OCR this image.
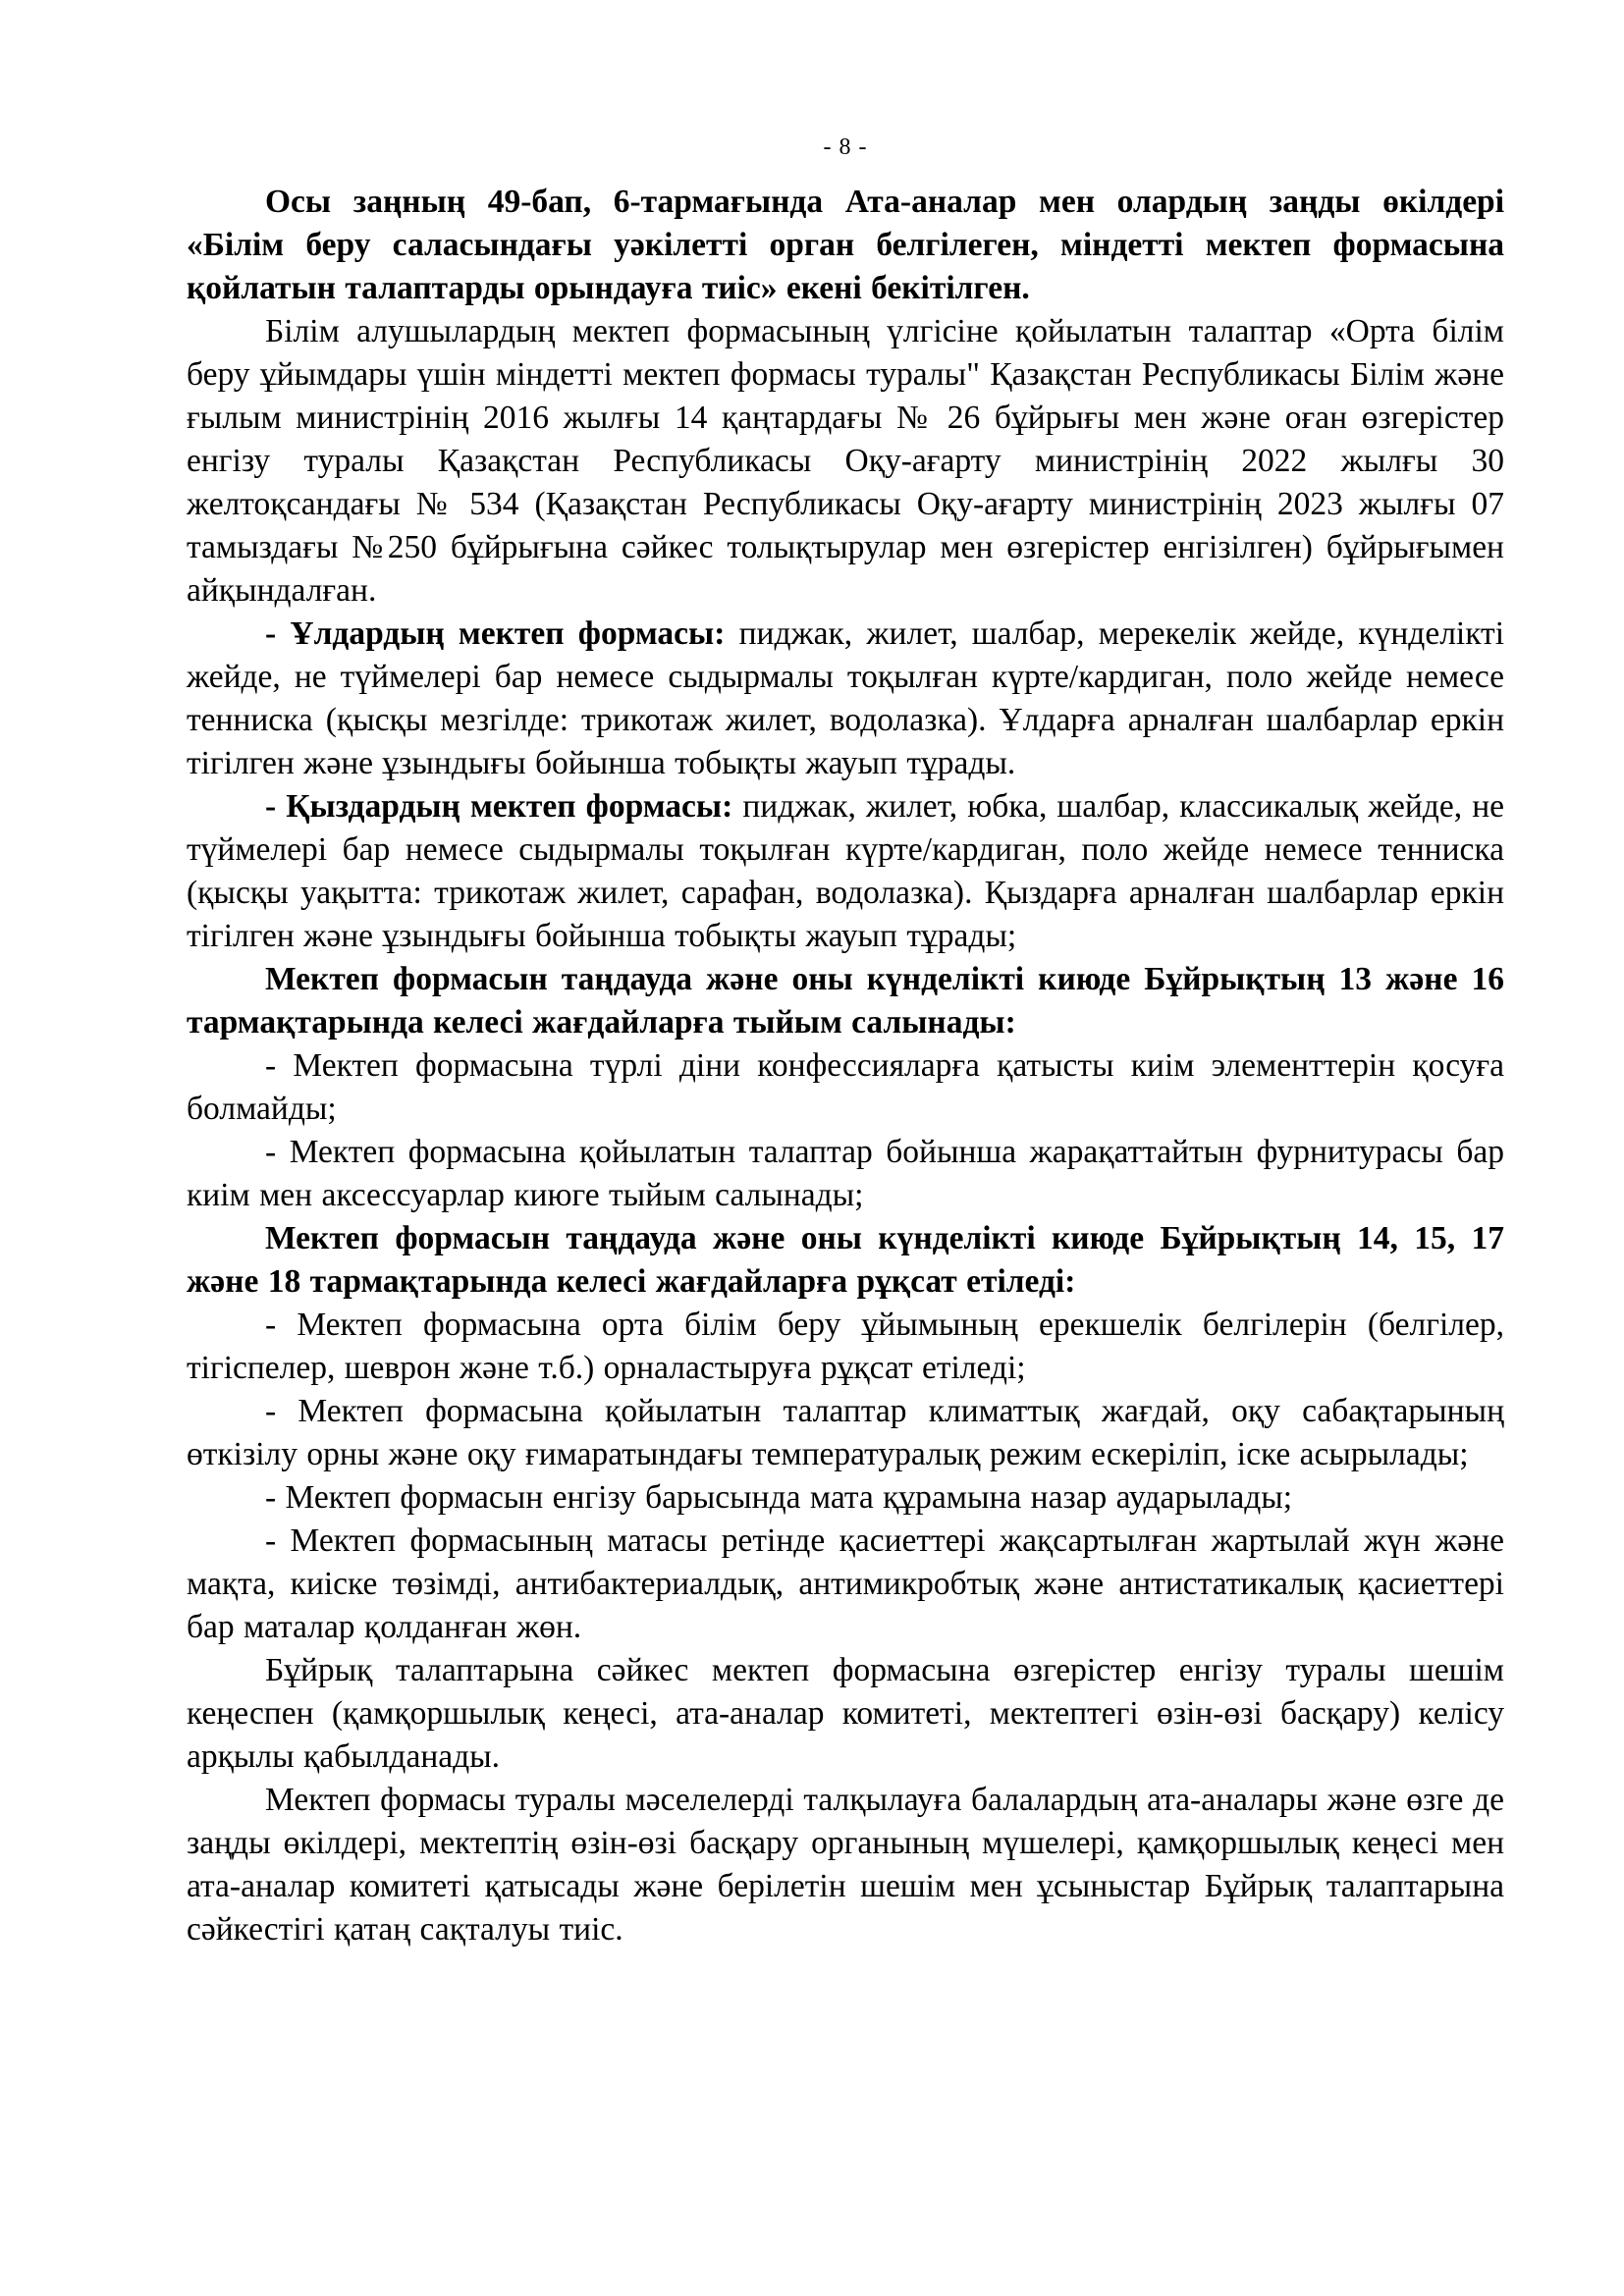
- 8 -

Осы заңның 49-бап, 6-тармағында Ата-аналар мен олардың заңды өкілдері «Білім беру саласындағы уәкілетті орган белгілеген, міндетті мектеп формасына қойлатын талаптарды орындауға тиіс» екені бекітілген.

Білім алушылардың мектеп формасының үлгісіне қойылатын талаптар «Орта білім беру ұйымдары үшін міндетті мектеп формасы туралы" Қазақстан Республикасы Білім және ғылым министрінің 2016 жылғы 14 қаңтардағы № 26 бұйрығы мен және оған өзгерістер енгізу туралы Қазақстан Республикасы Оқу-ағарту министрінің 2022 жылғы 30 желтоқсандағы № 534 (Қазақстан Республикасы Оқу-ағарту министрінің 2023 жылғы 07 тамыздағы №250 бұйрығына сәйкес толықтырулар мен өзгерістер енгізілген) бұйрығымен айқындалған.

- Ұлдардың мектеп формасы: пиджак, жилет, шалбар, мерекелік жейде, күнделікті жейде, не түймелері бар немесе сыдырмалы тоқылған күрте/кардиган, поло жейде немесе тенниска (қысқы мезгілде: трикотаж жилет, водолазка). Ұлдарға арналған шалбарлар еркін тігілген және ұзындығы бойынша тобықты жауып тұрады.

- Қыздардың мектеп формасы: пиджак, жилет, юбка, шалбар, классикалық жейде, не түймелері бар немесе сыдырмалы тоқылған күрте/кардиган, поло жейде немесе тенниска (қысқы уақытта: трикотаж жилет, сарафан, водолазка). Қыздарға арналған шалбарлар еркін тігілген және ұзындығы бойынша тобықты жауып тұрады;

Мектеп формасын таңдауда және оны күнделікті киюде Бұйрықтың 13 және 16 тармақтарында келесі жағдайларға тыйым салынады:

- Мектеп формасына түрлі діни конфессияларға қатысты киім элементтерін қосуға болмайды;

- Мектеп формасына қойылатын талаптар бойынша жарақаттайтын фурнитурасы бар киім мен аксессуарлар киюге тыйым салынады;

Мектеп формасын таңдауда және оны күнделікті киюде Бұйрықтың 14, 15, 17 және 18 тармақтарында келесі жағдайларға рұқсат етіледі:

- Мектеп формасына орта білім беру ұйымының ерекшелік белгілерін (белгілер, тігіспелер, шеврон және т.б.) орналастыруға рұқсат етіледі;

- Мектеп формасына қойылатын талаптар климаттық жағдай, оқу сабақтарының өткізілу орны және оқу ғимаратындағы температуралық режим ескеріліп, іске асырылады;

- Мектеп формасын енгізу барысында мата құрамына назар аударылады;

- Мектеп формасының матасы ретінде қасиеттері жақсартылған жартылай жүн және мақта, киіске төзімді, антибактериалдық, антимикробтық және антистатикалық қасиеттері бар маталар қолданған жөн.

Бұйрық талаптарына сәйкес мектеп формасына өзгерістер енгізу туралы шешім кеңеспен (қамқоршылық кеңесі, ата-аналар комитеті, мектептегі өзін-өзі басқару) келісу арқылы қабылданады.

Мектеп формасы туралы мәселелерді талқылауға балалардың ата-аналары және өзге де заңды өкілдері, мектептің өзін-өзі басқару органының мүшелері, қамқоршылық кеңесі мен ата-аналар комитеті қатысады және берілетін шешім мен ұсыныстар Бұйрық талаптарына сәйкестігі қатаң сақталуы тиіс.
